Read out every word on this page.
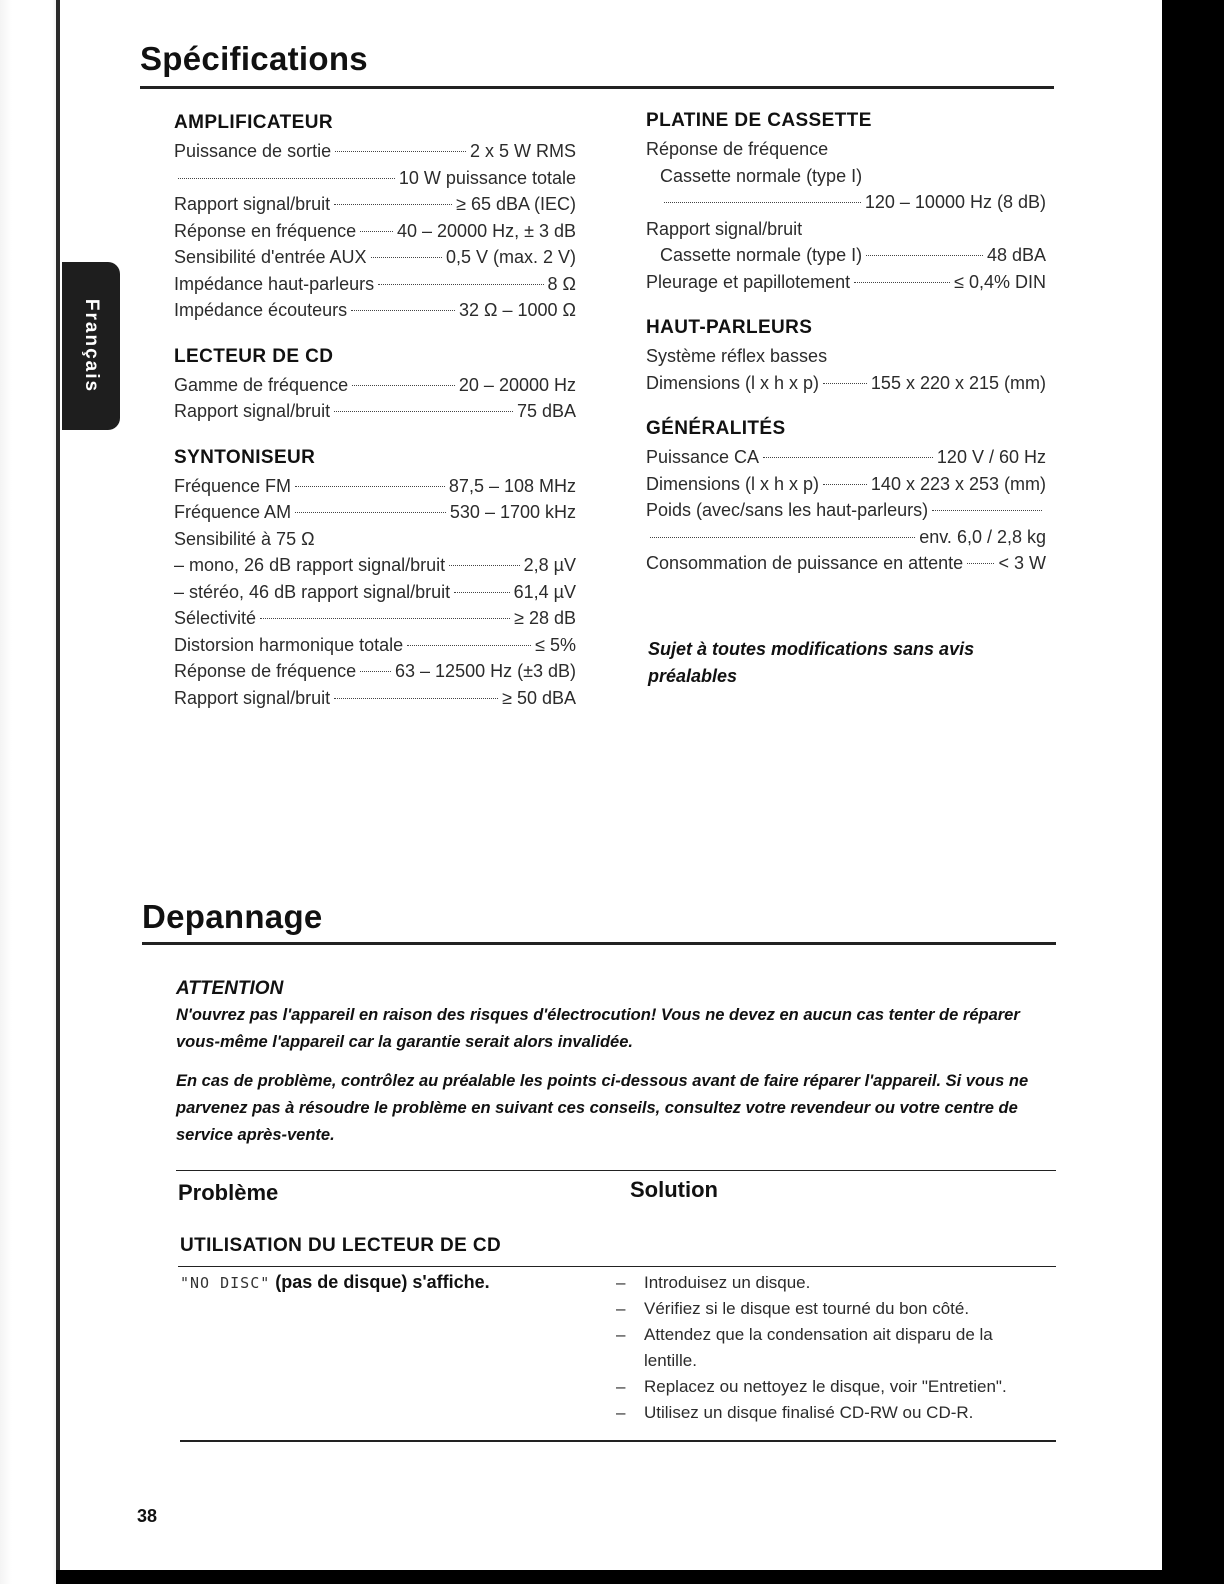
Français
Spécifications
AMPLIFICATEUR
Puissance de sortie	2 x 5 W RMS
10 W puissance totale
Rapport signal/bruit	≥ 65 dBA (IEC)
Réponse en fréquence 40 – 20000 Hz, ± 3 dB
Sensibilité d'entrée AUX	0,5 V (max. 2 V)
Impédance haut-parleurs	8 Ω
Impédance écouteurs	32 Ω – 1000 Ω
LECTEUR DE CD
Gamme de fréquence	20 – 20000 Hz
Rapport signal/bruit	75 dBA
SYNTONISEUR
Fréquence FM	87,5 – 108 MHz
Fréquence AM	530 – 1700 kHz
Sensibilité à 75 Ω
– mono, 26 dB rapport signal/bruit	2,8 µV
– stéréo, 46 dB rapport signal/bruit	61,4 µV
Sélectivité	≥ 28 dB
Distorsion harmonique totale	≤ 5%
Réponse de fréquence 63 – 12500 Hz (±3 dB)
Rapport signal/bruit	≥ 50 dBA
PLATINE DE CASSETTE
Réponse de fréquence
Cassette normale (type I)
120 – 10000 Hz (8 dB)
Rapport signal/bruit
Cassette normale (type I)	48 dBA
Pleurage et papillotement	≤ 0,4% DIN
HAUT-PARLEURS
Système réflex basses
Dimensions (l x h x p)	155 x 220 x 215 (mm)
GÉNÉRALITÉS
Puissance CA	120 V / 60 Hz
Dimensions (l x h x p)	140 x 223 x 253 (mm)
Poids (avec/sans les haut-parleurs)
env. 6,0 / 2,8 kg
Consommation de puissance en attente < 3 W

Sujet à toutes modifications sans avis préalables

Depannage

ATTENTION

N'ouvrez pas l'appareil en raison des risques d'électrocution! Vous ne devez en aucun cas tenter de réparer vous-même l'appareil car la garantie serait alors invalidée.

En cas de problème, contrôlez au préalable les points ci-dessous avant de faire réparer l'appareil. Si vous ne parvenez pas à résoudre le problème en suivant ces conseils, consultez votre revendeur ou votre centre de service après-vente.

Problème	Solution
UTILISATION DU LECTEUR DE CD

"NO DISC" (pas de disque) s'affiche.	–	Introduisez un disque.
–	Vérifiez si le disque est tourné du bon côté.
–	Attendez que la condensation ait disparu de la lentille.
–	Replacez ou nettoyez le disque, voir "Entretien".
–	Utilisez un disque finalisé CD-RW ou CD-R.

38
